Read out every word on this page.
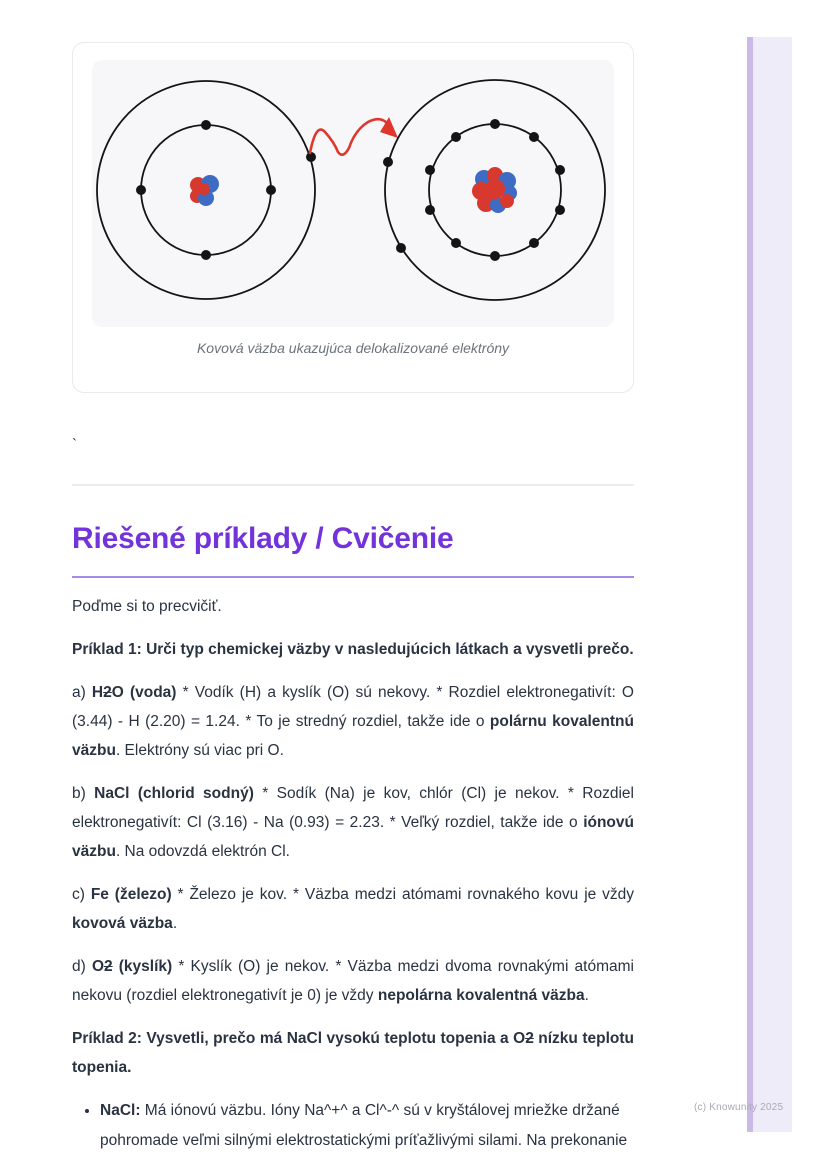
Kovová väzba ukazujúca delokalizované elektróny

`

Riešené príklady / Cvičenie

Poďme si to precvičiť.

Príklad 1: Urči typ chemickej väzby v nasledujúcich látkach a vysvetli prečo.

a) H2O (voda) * Vodík (H) a kyslík (O) sú nekovy. * Rozdiel elektronegativít: O (3.44) - H (2.20) = 1.24. * To je stredný rozdiel, takže ide o polárnu kovalentnú väzbu. Elektróny sú viac pri O.

b) NaCl (chlorid sodný) * Sodík (Na) je kov, chlór (Cl) je nekov. * Rozdiel elektronegativít: Cl (3.16) - Na (0.93) = 2.23. * Veľký rozdiel, takže ide o iónovú väzbu. Na odovzdá elektrón Cl.

c) Fe (železo) * Železo je kov. * Väzba medzi atómami rovnakého kovu je vždy kovová väzba.

d) O2 (kyslík) * Kyslík (O) je nekov. * Väzba medzi dvoma rovnakými atómami nekovu (rozdiel elektronegativít je 0) je vždy nepolárna kovalentná väzba.

Príklad 2: Vysvetli, prečo má NaCl vysokú teplotu topenia a O2 nízku teplotu topenia.

• NaCl: Má iónovú väzbu. Ióny Na^+^ a Cl^-^ sú v kryštálovej mriežke držané pohromade veľmi silnými elektrostatickými príťažlivými silami. Na prekonanie
(c) Knowunity 2025
